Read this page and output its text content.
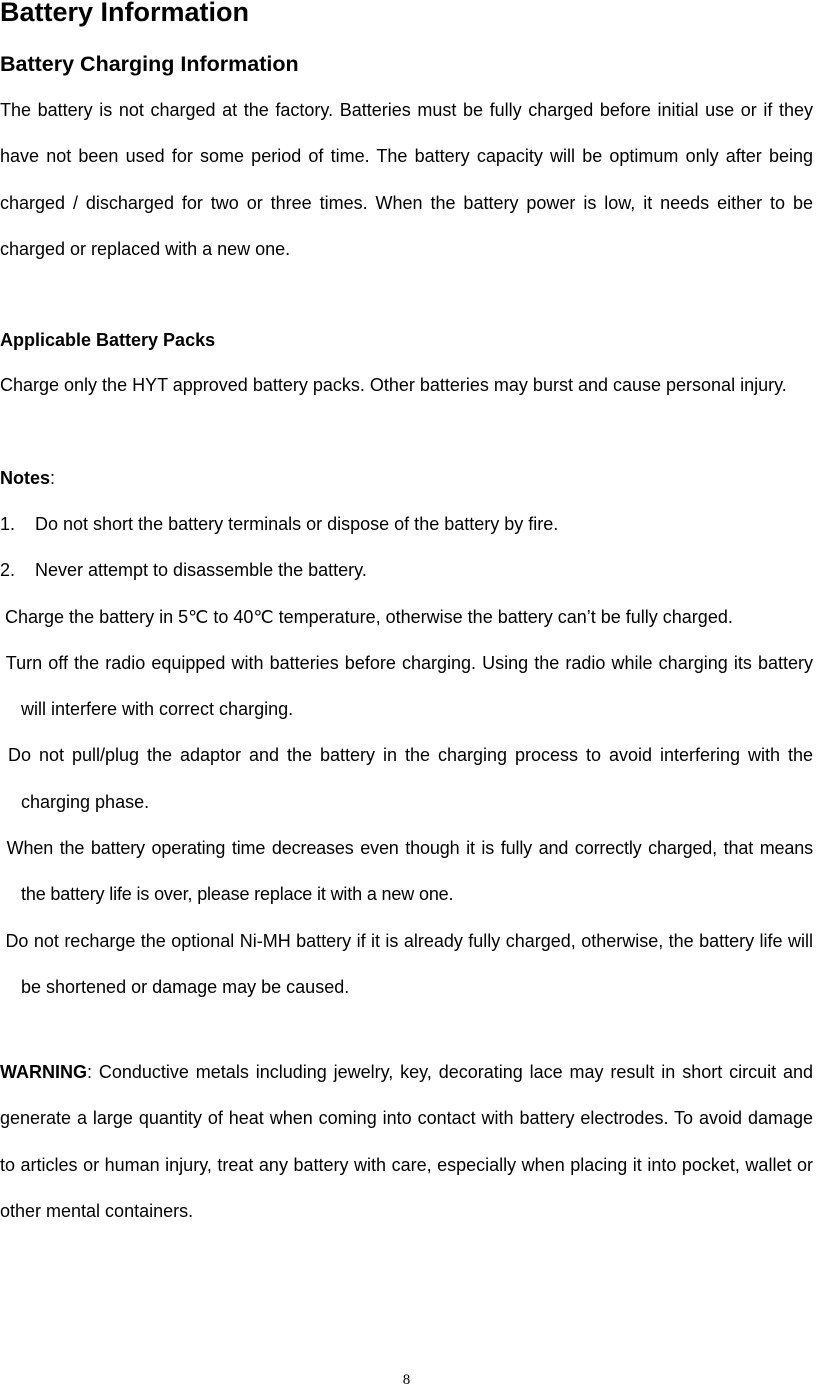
Battery Information
Battery Charging Information

The battery is not charged at the factory. Batteries must be fully charged before initial use or if they have not been used for some period of time. The battery capacity will be optimum only after being charged / discharged for two or three times. When the battery power is low, it needs either to be charged or replaced with a new one.

Applicable Battery Packs

Charge only the HYT approved battery packs. Other batteries may burst and cause personal injury.

Notes:
1. Do not short the battery terminals or dispose of the battery by fire.
2. Never attempt to disassemble the battery.
Charge the battery in 5℃ to 40℃ temperature, otherwise the battery can’t be fully charged.
Turn off the radio equipped with batteries before charging. Using the radio while charging its battery will interfere with correct charging.
Do not pull/plug the adaptor and the battery in the charging process to avoid interfering with the charging phase.
When the battery operating time decreases even though it is fully and correctly charged, that means the battery life is over, please replace it with a new one.
Do not recharge the optional Ni-MH battery if it is already fully charged, otherwise, the battery life will be shortened or damage may be caused.

WARNING: Conductive metals including jewelry, key, decorating lace may result in short circuit and generate a large quantity of heat when coming into contact with battery electrodes. To avoid damage to articles or human injury, treat any battery with care, especially when placing it into pocket, wallet or other mental containers.

8
